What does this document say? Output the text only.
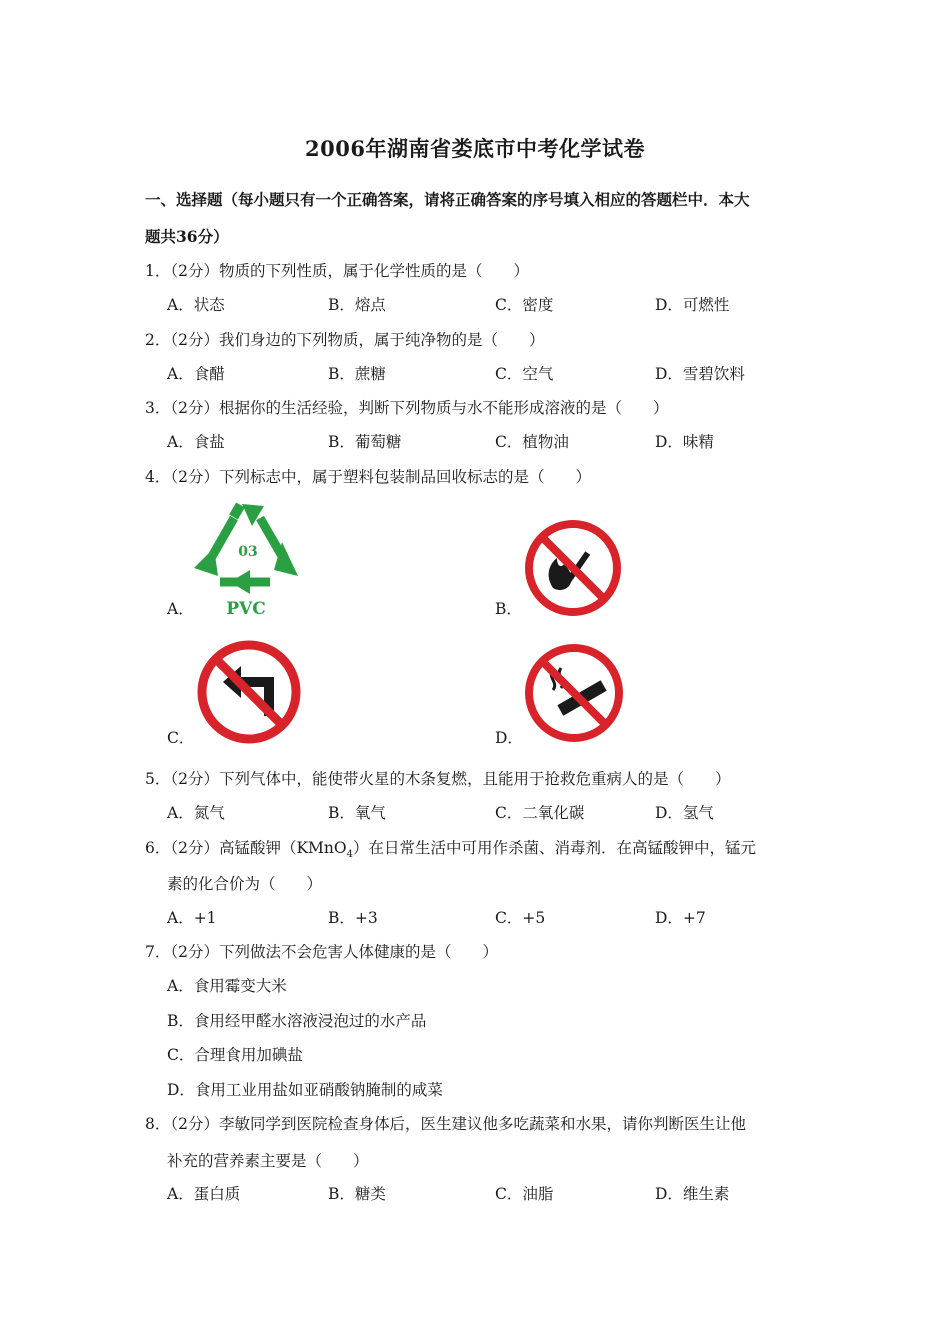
2006年湖南省娄底市中考化学试卷
一、选择题（每小题只有一个正确答案，请将正确答案的序号填入相应的答题栏中．本大
题共36分）
1．（2分）物质的下列性质，属于化学性质的是（　　）
A．状态	B．熔点	C．密度	D．可燃性
2．（2分）我们身边的下列物质，属于纯净物的是（　　）
A．食醋	B．蔗糖	C．空气	D．雪碧饮料
3．（2分）根据你的生活经验，判断下列物质与水不能形成溶液的是（　　）
A．食盐	B．葡萄糖	C．植物油	D．味精
4．（2分）下列标志中，属于塑料包装制品回收标志的是（　　）
A．
03
PVC	B．
C．	D．
5．（2分）下列气体中，能使带火星的木条复燃，且能用于抢救危重病人的是（　　）
A．氮气	B．氧气	C．二氧化碳	D．氢气
6．（2分）高锰酸钾（KMnO$_4$）在日常生活中可用作杀菌、消毒剂．在高锰酸钾中，锰元
素的化合价为（　　）
A．+1	B．+3	C．+5	D．+7
7．（2分）下列做法不会危害人体健康的是（　　）
A．食用霉变大米
B．食用经甲醛水溶液浸泡过的水产品
C．合理食用加碘盐
D．食用工业用盐如亚硝酸钠腌制的咸菜
8．（2分）李敏同学到医院检查身体后，医生建议他多吃蔬菜和水果，请你判断医生让他
补充的营养素主要是（　　）
A．蛋白质	B．糖类	C．油脂	D．维生素
